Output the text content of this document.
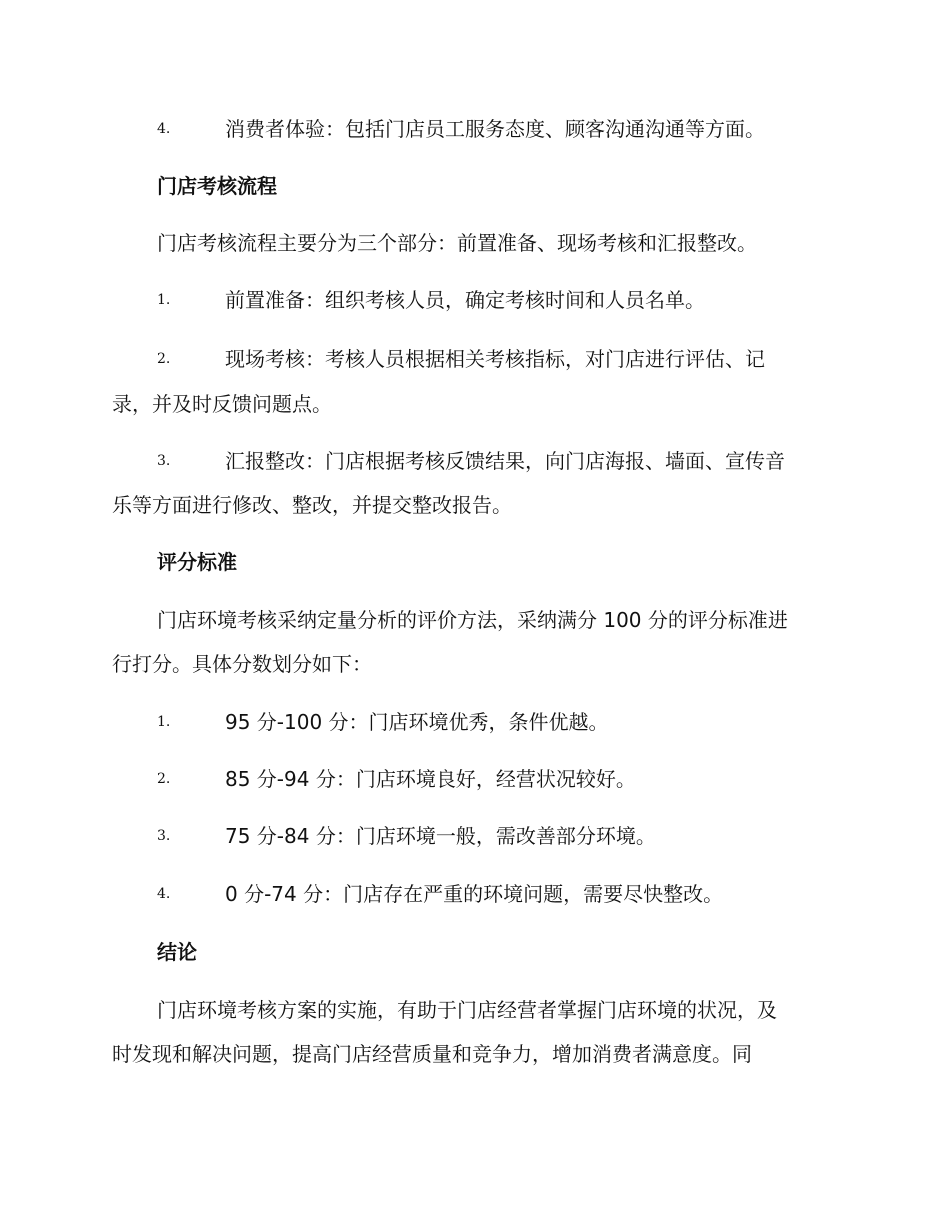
4.	消费者体验：包括门店员工服务态度、顾客沟通沟通等方面。
门店考核流程
门店考核流程主要分为三个部分：前置准备、现场考核和汇报整改。
1.	前置准备：组织考核人员，确定考核时间和人员名单。
2.	现场考核：考核人员根据相关考核指标，对门店进行评估、记
录，并及时反馈问题点。
3.	汇报整改：门店根据考核反馈结果，向门店海报、墙面、宣传音
乐等方面进行修改、整改，并提交整改报告。
评分标准
门店环境考核采纳定量分析的评价方法，采纳满分 100 分的评分标准进
行打分。具体分数划分如下：
1.	95 分-100 分：门店环境优秀，条件优越。
2.	85 分-94 分：门店环境良好，经营状况较好。
3.	75 分-84 分：门店环境一般，需改善部分环境。
4.	0 分-74 分：门店存在严重的环境问题，需要尽快整改。
结论
门店环境考核方案的实施，有助于门店经营者掌握门店环境的状况，及
时发现和解决问题，提高门店经营质量和竞争力，增加消费者满意度。同
